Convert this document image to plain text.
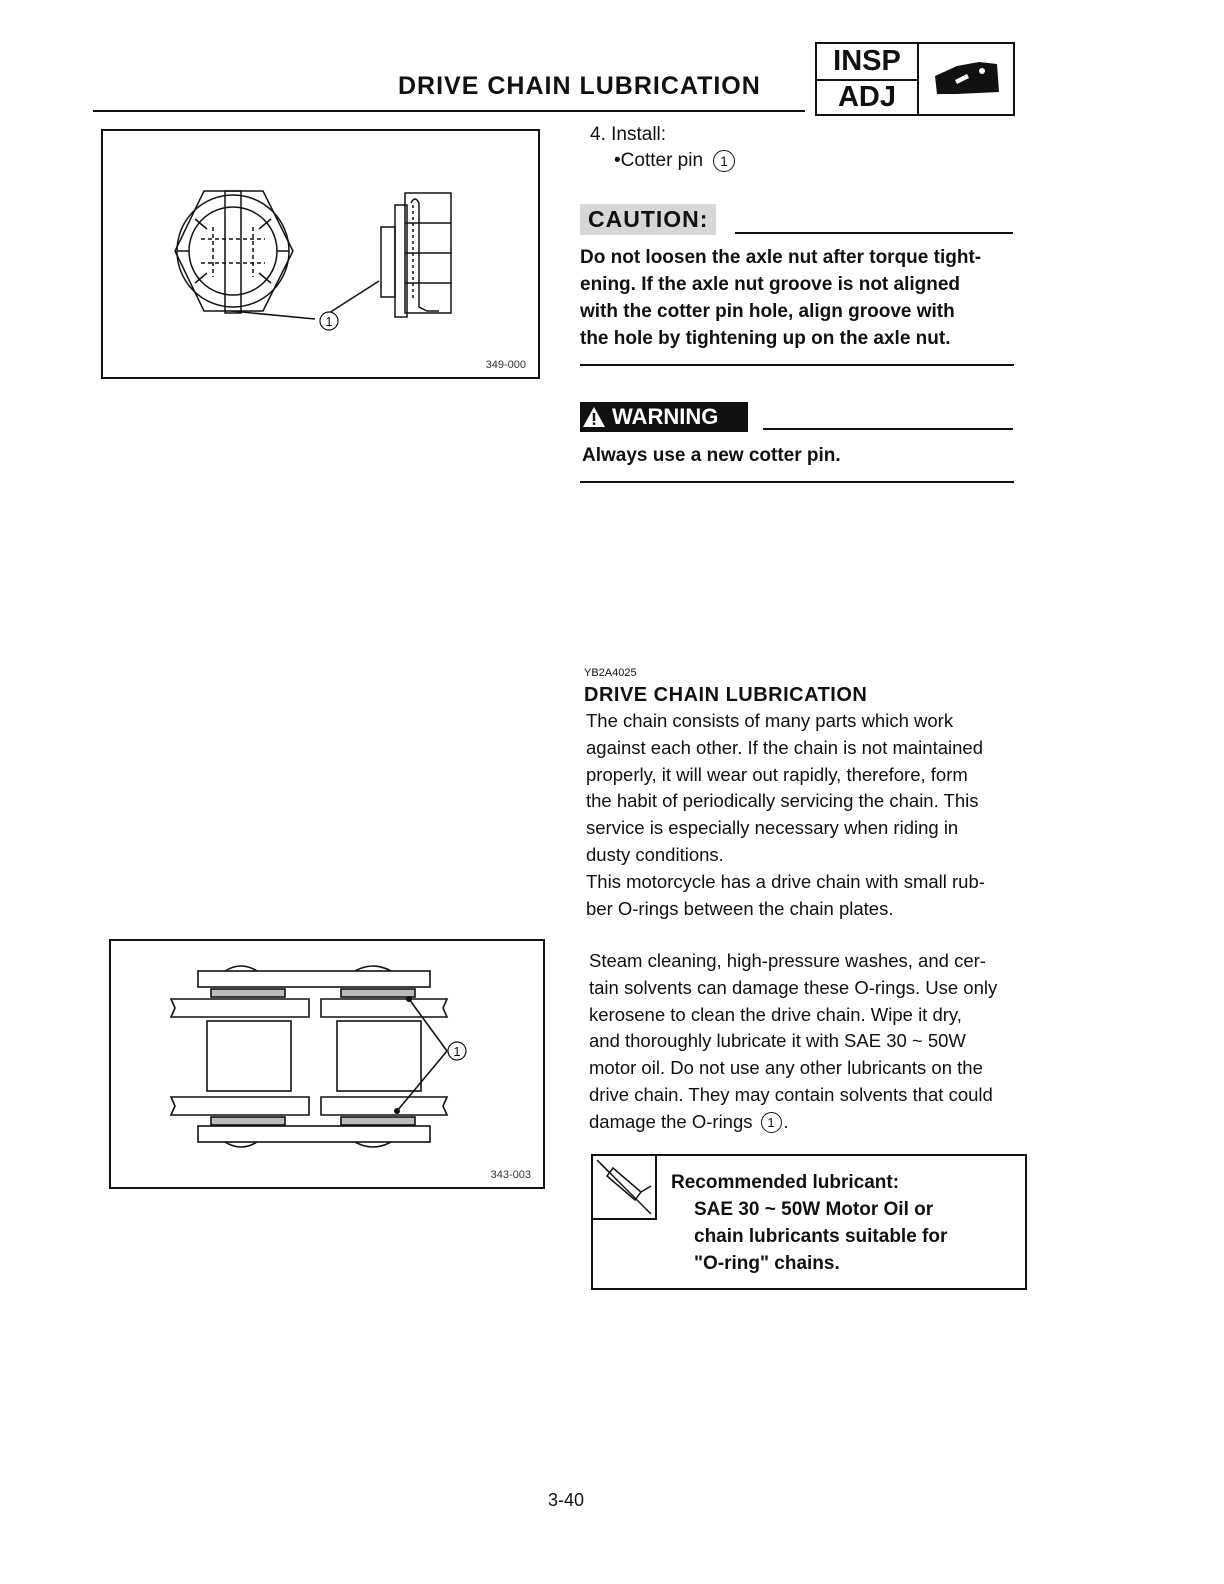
DRIVE CHAIN LUBRICATION
INSP
ADJ
1
349-000
4. Install:
•Cotter pin	1
CAUTION:
Do not loosen the axle nut after torque tight-
ening. If the axle nut groove is not aligned
with the cotter pin hole, align groove with
the hole by tightening up on the axle nut.
WARNING
Always use a new cotter pin.
YB2A4025
DRIVE CHAIN LUBRICATION
The chain consists of many parts which work
against each other. If the chain is not maintained
properly, it will wear out rapidly, therefore, form
the habit of periodically servicing the chain. This
service is especially necessary when riding in
dusty conditions.
This motorcycle has a drive chain with small rub-
ber O-rings between the chain plates.
Steam cleaning, high-pressure washes, and cer-
tain solvents can damage these O-rings. Use only
kerosene to clean the drive chain. Wipe it dry,
and thoroughly lubricate it with SAE 30 ~ 50W
motor oil. Do not use any other lubricants on the
drive chain. They may contain solvents that could
damage the O-rings	1 .
1
343-003	Recommended lubricant:
SAE 30 ~ 50W Motor Oil or
chain lubricants suitable for
"O-ring" chains.
3-40
